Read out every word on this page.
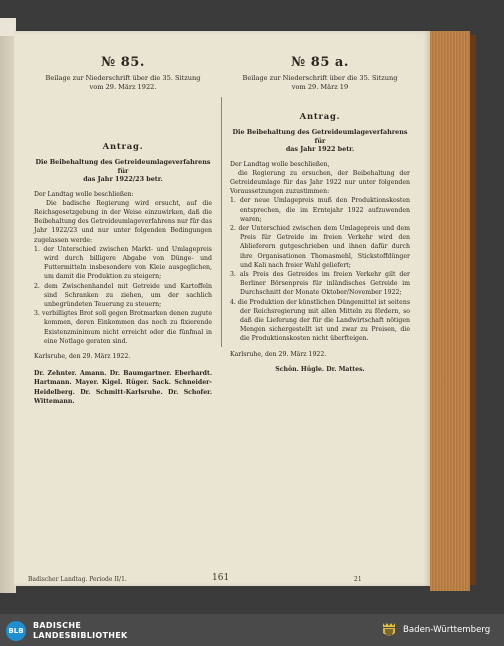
№ 85.
Beilage zur Niederschrift über die 35. Sitzung
vom 29. März 1922.
Antrag.
Die Beibehaltung des Getreideumlageverfahrens für
das Jahr 1922/23 betr.
Der Landtag wolle beschließen:
Die badische Regierung wird ersucht, auf die Reichsgesetzgebung in der Weise einzuwirken, daß die Beibehaltung des Getreideumlageverfahrens nur für das Jahr 1922/23 und nur unter folgenden Bedingungen zugelassen werde:
1. der Unterschied zwischen Markt- und Umlagepreis wird durch billigere Abgabe von Dünge- und Futtermitteln insbesondere von Kleie ausgeglichen, um damit die Produktion zu steigern;
2. dem Zwischenhandel mit Getreide und Kartoffeln sind Schranken zu ziehen, um der sachlich unbegründeten Teuerung zu steuern;
3. verbilligtes Brot soll gegen Brotmarken denen zugute kommen, deren Einkommen das noch zu fixierende Existenzminimum nicht erreicht oder die fünfmal in eine Notlage geraten sind.
Karlsruhe, den 29. März 1922.
Dr. Zehnter. Amann. Dr. Baumgartner. Eberhardt. Hartmann. Mayer. Kigel. Rüger. Sack. Schneider-Heidelberg. Dr. Schmitt-Karlsruhe. Dr. Schofer. Wittemann.
№ 85 a.
Beilage zur Niederschrift über die 35. Sitzung
vom 29. März 19
Antrag.
Die Beibehaltung des Getreideumlageverfahrens für
das Jahr 1922 betr.
Der Landtag wolle beschließen,
die Regierung zu ersuchen, der Beibehaltung der Getreideumlage für das Jahr 1922 nur unter folgenden Voraussetzungen zuzustimmen:
1. der neue Umlagepreis muß den Produktionskosten entsprechen, die im Erntejahr 1922 aufzuwenden waren;
2. der Unterschied zwischen dem Umlagepreis und dem Preis für Getreide im freien Verkehr wird den Ablieferern gutgeschrieben und ihnen dafür durch ihre Organisationen Thomasmehl, Stickstoffdünger und Kali nach freier Wahl geliefert;
3. als Preis des Getreides im freien Verkehr gilt der Berliner Börsenpreis für inländisches Getreide im Durchschnitt der Monate Oktober/November 1922;
4. die Produktion der künstlichen Düngemittel ist seitens der Reichsregierung mit allen Mitteln zu fördern, so daß die Lieferung der für die Landwirtschaft nötigen Mengen sichergestellt ist und zwar zu Preisen, die die Produktionskosten nicht überfteigen.
Karlsruhe, den 29. März 1922.
Schön. Hügle. Dr. Mattes.
Badischer Landtag. Periode II/1.	161	21
BLB
BADISCHE
LANDESBIBLIOTHEK
Baden-Württemberg
